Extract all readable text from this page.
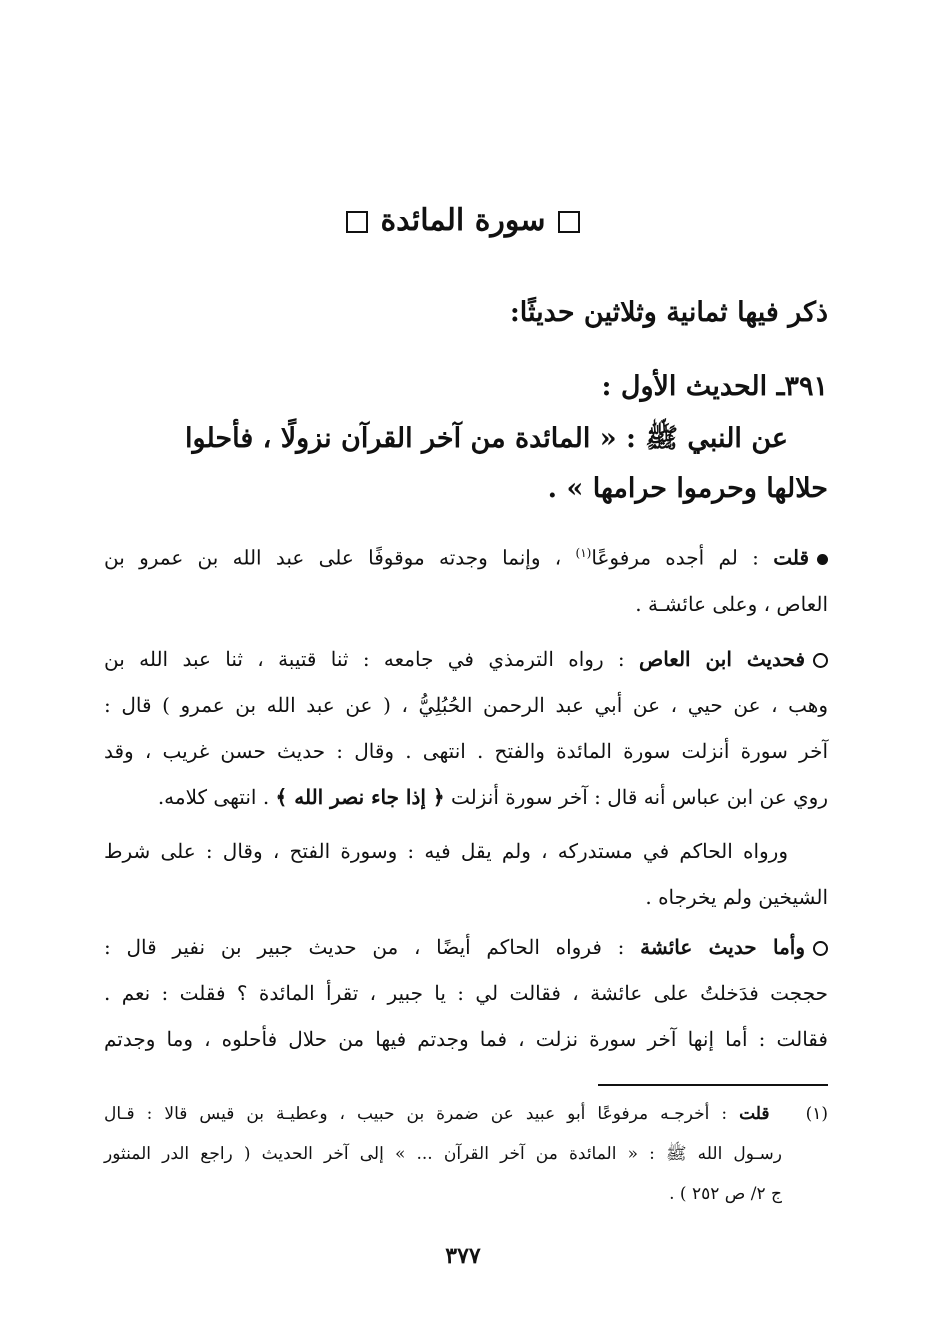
سورة المائدة
ذكر فيها ثمانية وثلاثين حديثًا:
٣٩١ـ الحديث الأول :
عن النبي ﷺ : « المائدة من آخر القرآن نزولًا ، فأحلوا
حلالها وحرموا حرامها » .
قلت : لم أجده مرفوعًا$^{(١)}$ ، وإنما وجدته موقوفًا على عبد الله بن عمرو بن
العاص ، وعلى عائشـة .
فحديث ابن العاص : رواه الترمذي في جامعه : ثنا قتيبة ، ثنا عبد الله بن
وهب ، عن حيي ، عن أبي عبد الرحمن الحُبُلِيُّ ، ( عن عبد الله بن عمرو ) قال :
آخر سورة أنزلت سورة المائدة والفتح . انتهى . وقال : حديث حسن غريب ، وقد
روي عن ابن عباس أنه قال : آخر سورة أنزلت ﴿ إذا جاء نصر الله ﴾ . انتهى كلامه.
ورواه الحاكم في مستدركه ، ولم يقل فيه : وسورة الفتح ، وقال : على شرط
الشيخين ولم يخرجاه .
وأما حديث عائشة : فرواه الحاكم أيضًا ، من حديث جبير بن نفير قال :
حججت فدَخلتُ على عائشة ، فقالت لي : يا جبير ، تقرأ المائدة ؟ فقلت : نعم .
فقالت : أما إنها آخر سورة نزلت ، فما وجدتم فيها من حلال فأحلوه ، وما وجدتم
(١)   قلت : أخرجـه مرفوعًا أبو عبيد عن ضمرة بن حبيب ، وعطيـة بن قيس قالا : قـال
رسـول الله ﷺ : « المائدة من آخر القرآن ... » إلى آخر الحديث ( راجع الدر المنثور
ج ٢/ ص ٢٥٢ ) .
٣٧٧
